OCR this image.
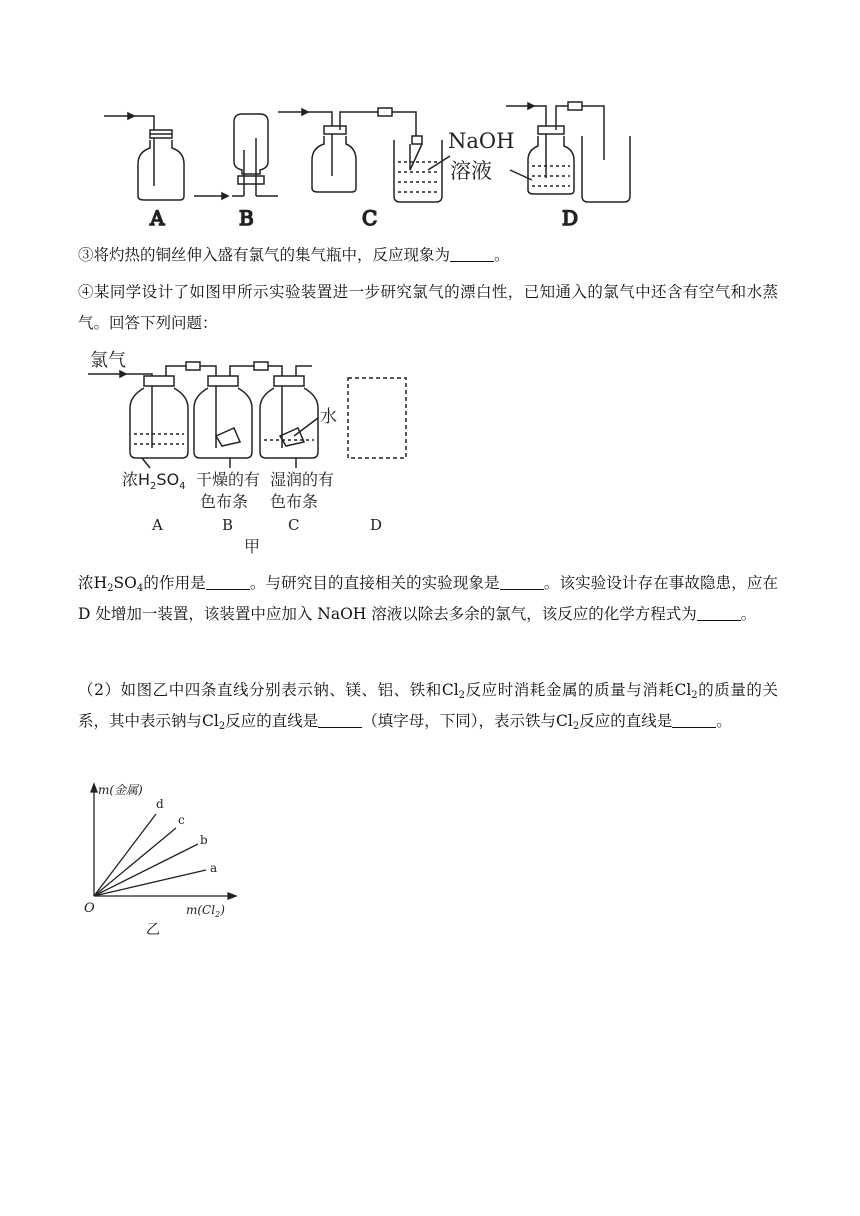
A	B	C	D
NaOH
溶液
③将灼热的铜丝伸入盛有氯气的集气瓶中，反应现象为	。
④某同学设计了如图甲所示实验装置进一步研究氯气的漂白性，已知通入的氯气中还含有空气和水蒸气。回答下列问题：
氯气
水
浓$H_2SO_4$ 干燥的有
色布条
湿润的有
色布条
A	B	C	D
甲
浓$H_2SO_4$的作用是	。与研究目的直接相关的实验现象是	。该实验设计存在事故隐患，应在 D 处增加一装置，该装置中应加入 NaOH 溶液以除去多余的氯气，该反应的化学方程式为	。
（2）如图乙中四条直线分别表示钠、镁、铝、铁和$Cl_2$反应时消耗金属的质量与消耗$Cl_2$的质量的关系，其中表示钠与$Cl_2$反应的直线是	（填字母，下同），表示铁与$Cl_2$反应的直线是	。
m(金属)
d
c
b
a
O	$m(Cl_2)$
乙
